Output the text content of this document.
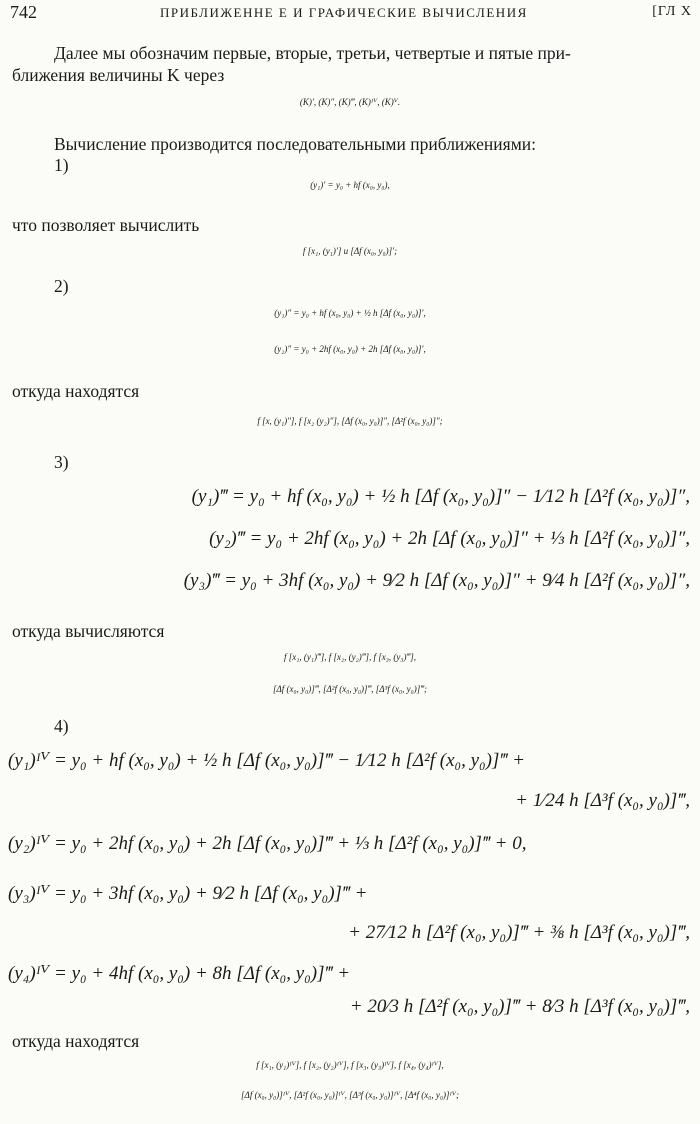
742	ПРИБЛИЖЕННЕ Е И ГРАФИЧЕСКИЕ ВЫЧИСЛЕНИЯ	[ГЛ X
Далее мы обозначим первые, вторые, третьи, четвертые и пятые при-
ближения величины K через
(K)′, (K)″, (K)‴, (K)ᴵⱽ, (K)ⱽ.
Вычисление производится последовательными приближениями:
1)
(y₁)′ = y₀ + hf (x₀, y₀),
что позволяет вычислить
f [x₁, (y₁)′] и [Δf (x₀, y₀)]′;
2)
(y₁)″ = y₀ + hf (x₀, y₀) + ½ h [Δf (x₀, y₀)]′,
(y₂)″ = y₀ + 2hf (x₀, y₀) + 2h [Δf (x₀, y₀)]′,
откуда находятся
f [x, (y₁)″], f [x₂ (y₂)″], [Δf (x₀, y₀)]″, [Δ²f (x₀, y₀)]″;
3)
(y₁)‴ = y₀ + hf (x₀, y₀) + ½ h [Δf (x₀, y₀)]″ − 1⁄12 h [Δ²f (x₀, y₀)]″,
(y₂)‴ = y₀ + 2hf (x₀, y₀) + 2h [Δf (x₀, y₀)]″ + ⅓ h [Δ²f (x₀, y₀)]″,
(y₃)‴ = y₀ + 3hf (x₀, y₀) + 9⁄2 h [Δf (x₀, y₀)]″ + 9⁄4 h [Δ²f (x₀, y₀)]″,
откуда вычисляются
f [x₁, (y₁)‴], f [x₂, (y₂)‴], f [x₃, (y₃)‴],
[Δf (x₀, y₀)]‴, [Δ²f (x₀, y₀)]‴, [Δ³f (x₀, y₀)]‴;
4)
(y₁)ᴵⱽ = y₀ + hf (x₀, y₀) + ½ h [Δf (x₀, y₀)]‴ − 1⁄12 h [Δ²f (x₀, y₀)]‴ +
+ 1⁄24 h [Δ³f (x₀, y₀)]‴,
(y₂)ᴵⱽ = y₀ + 2hf (x₀, y₀) + 2h [Δf (x₀, y₀)]‴ + ⅓ h [Δ²f (x₀, y₀)]‴ + 0,
(y₃)ᴵⱽ = y₀ + 3hf (x₀, y₀) + 9⁄2 h [Δf (x₀, y₀)]‴ +
+ 27⁄12 h [Δ²f (x₀, y₀)]‴ + ⅜ h [Δ³f (x₀, y₀)]‴,
(y₄)ᴵⱽ = y₀ + 4hf (x₀, y₀) + 8h [Δf (x₀, y₀)]‴ +
+ 20⁄3 h [Δ²f (x₀, y₀)]‴ + 8⁄3 h [Δ³f (x₀, y₀)]‴,
откуда находятся
f [x₁, (y₁)ᴵⱽ], f [x₂, (y₂)ᴵⱽ], f [x₃, (y₃)ᴵⱽ], f [x₄, (y₄)ᴵⱽ],
[Δf (x₀, y₀)]ᴵⱽ, [Δ²f (x₀, y₀)]ᴵⱽ, [Δ³f (x₀, y₀)]ᴵⱽ, [Δ⁴f (x₀, y₀)]ᴵⱽ;
